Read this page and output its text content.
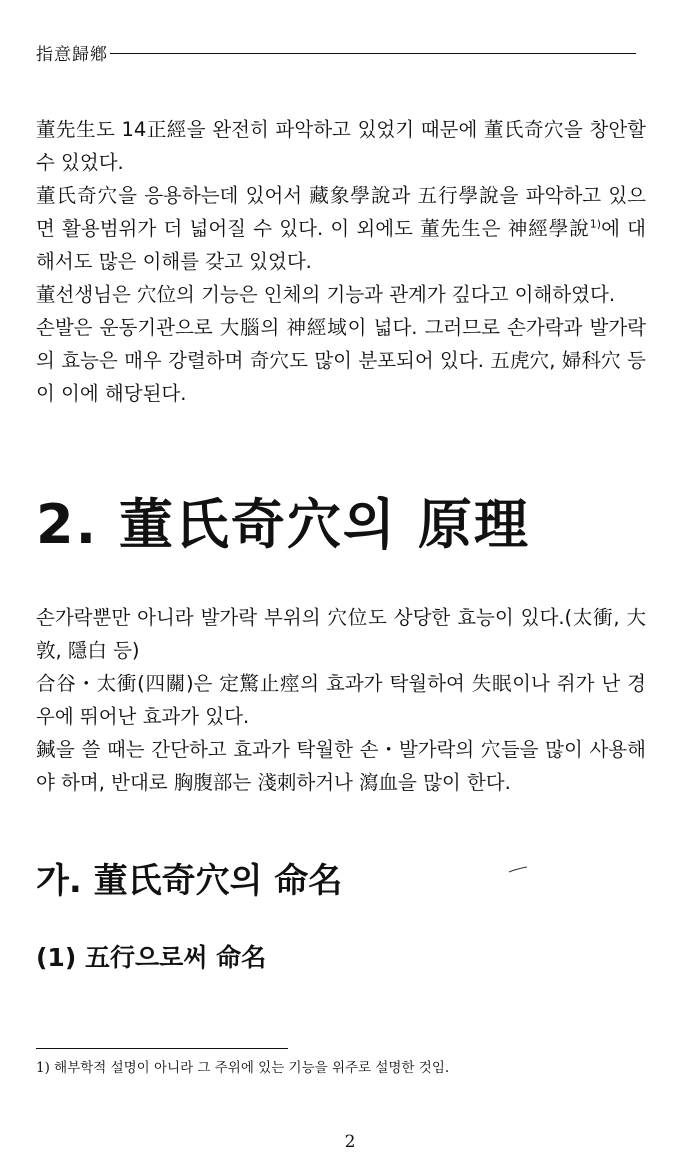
指意歸鄕

董先生도 14正經을 완전히 파악하고 있었기 때문에 董氏奇穴을 창안할 수 있었다.

董氏奇穴을 응용하는데 있어서 藏象學說과 五行學說을 파악하고 있으면 활용범위가 더 넓어질 수 있다. 이 외에도 董先生은 神經學說$^{1)}$에 대해서도 많은 이해를 갖고 있었다.

董선생님은 穴位의 기능은 인체의 기능과 관계가 깊다고 이해하였다.

손발은 운동기관으로 大腦의 神經域이 넓다. 그러므로 손가락과 발가락의 효능은 매우 강렬하며 奇穴도 많이 분포되어 있다. 五虎穴, 婦科穴 등이 이에 해당된다.

2. 董氏奇穴의 原理

손가락뿐만 아니라 발가락 부위의 穴位도 상당한 효능이 있다.(太衝, 大敦, 隱白 등)

合谷・太衝(四關)은 定驚止痙의 효과가 탁월하여 失眠이나 쥐가 난 경우에 뛰어난 효과가 있다.

鍼을 쓸 때는 간단하고 효과가 탁월한 손・발가락의 穴들을 많이 사용해야 하며, 반대로 胸腹部는 淺刺하거나 瀉血을 많이 한다.

가. 董氏奇穴의 命名
(1) 五行으로써 命名
1) 해부학적 설명이 아니라 그 주위에 있는 기능을 위주로 설명한 것임.
2
